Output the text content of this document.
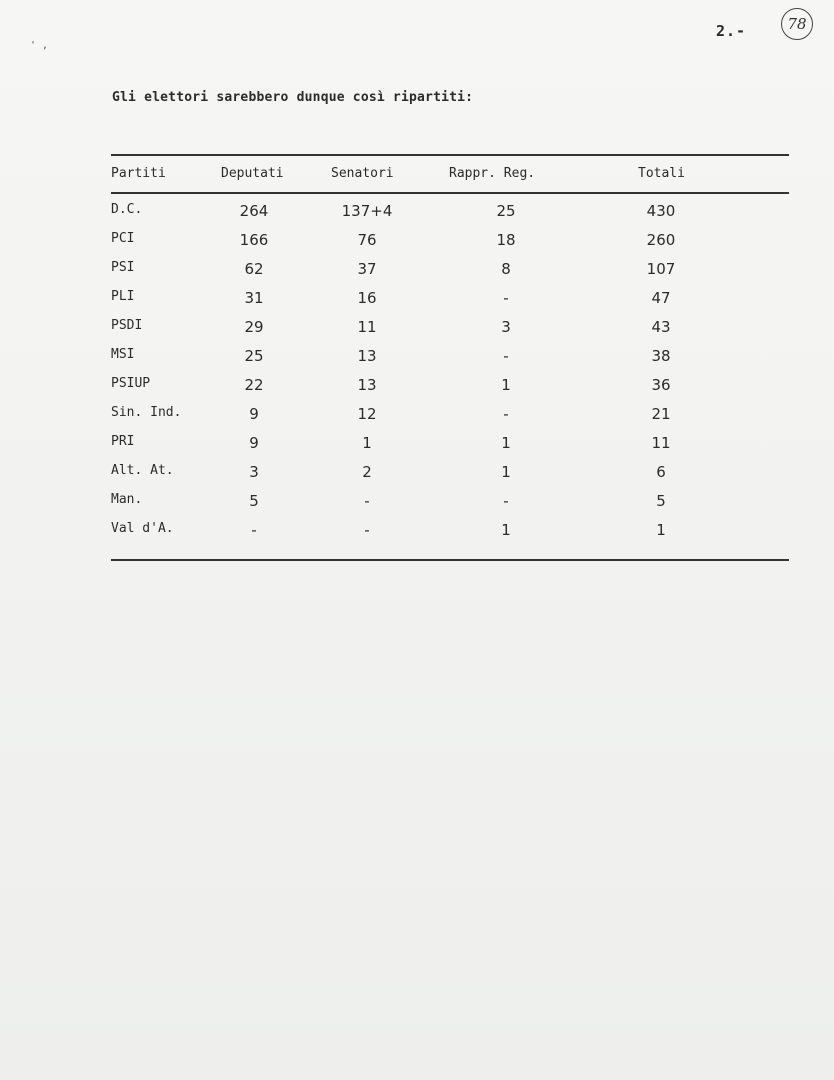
' ,
2.-	78
Gli elettori sarebbero dunque così ripartiti:
Partiti	Deputati	Senatori	Rappr. Reg.	Totali
D.C.	264	137+4	25	430
PCI	166	76	18	260
PSI	62	37	8	107
PLI	31	16	-	47
PSDI	29	11	3	43
MSI	25	13	-	38
PSIUP	22	13	1	36
Sin. Ind.	9	12	-	21
PRI	9	1	1	11
Alt. At.	3	2	1	6
Man.	5	-	-	5
Val d'A.	-	-	1	1
